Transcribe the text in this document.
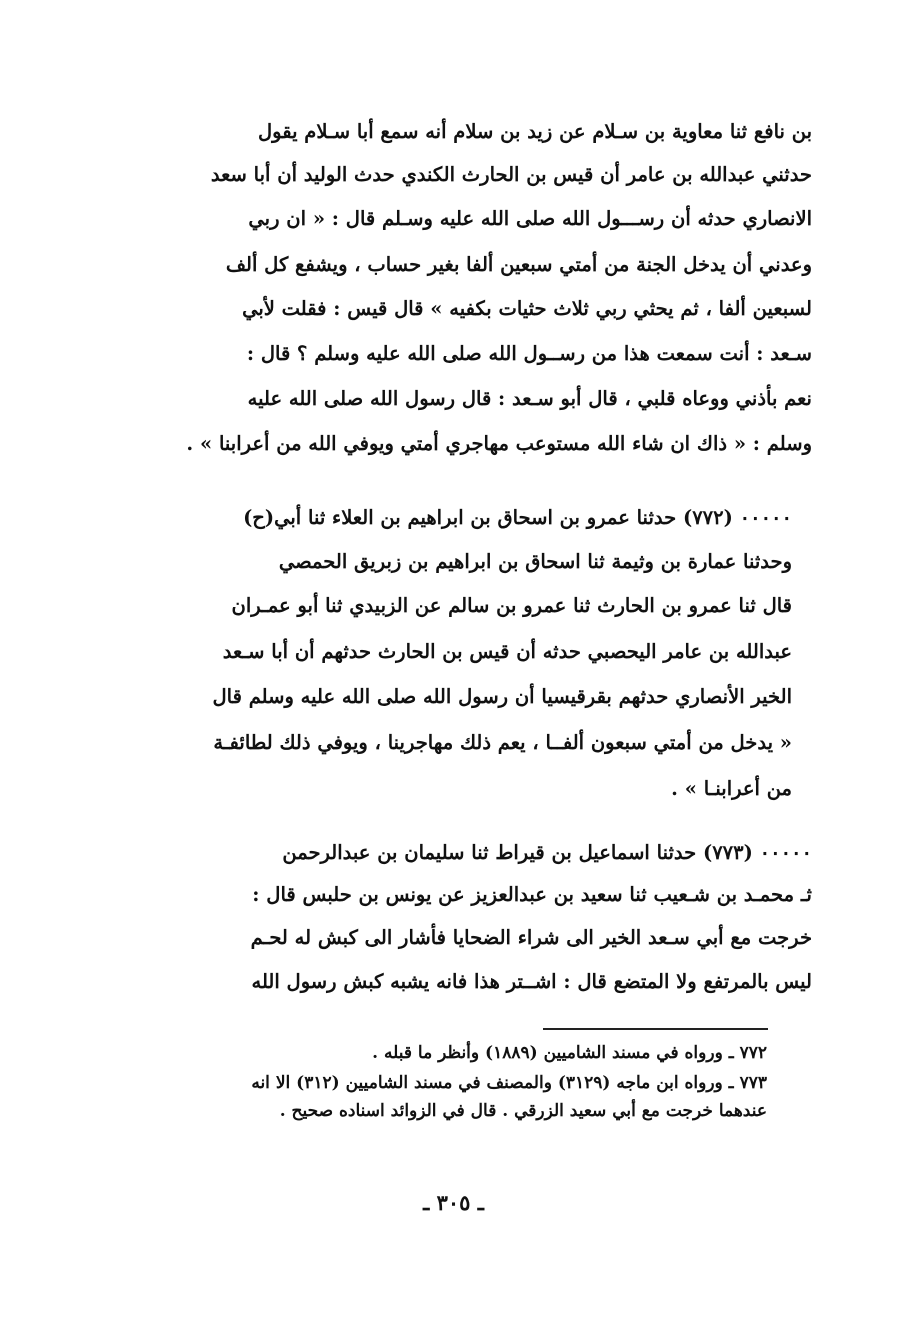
بن نافع ثنا معاوية بن سـلام عن زيد بن سلام أنه سمع أبا سـلام يقول
حدثني عبدالله بن عامر أن قيس بن الحارث الكندي حدث الوليد أن أبا سعد
الانصاري حدثه أن رســـول الله صلى الله عليه وسـلم قال : « ان ربي
وعدني أن يدخل الجنة من أمتي سبعين ألفا بغير حساب ، ويشفع كل ألف
لسبعين ألفا ، ثم يحثي ربي ثلاث حثيات بكفيه » قال قيس : فقلت لأبي
سـعد : أنت سمعت هذا من رســول الله صلى الله عليه وسلم ؟ قال :
نعم بأذني ووعاه قلبي ، قال أبو سـعد : قال رسول الله صلى الله عليه
وسلم : « ذاك ان شاء الله مستوعب مهاجري أمتي ويوفي الله من أعرابنا » .
٠٠٠٠٠ (٧٧٢) حدثنا عمرو بن اسحاق بن ابراهيم بن العلاء ثنا أبي(ح)
وحدثنا عمارة بن وثيمة ثنا اسحاق بن ابراهيم بن زبريق الحمصي
قال ثنا عمرو بن الحارث ثنا عمرو بن سالم عن الزبيدي ثنا أبو عمـران
عبدالله بن عامر اليحصبي حدثه أن قيس بن الحارث حدثهم أن أبا سـعد
الخير الأنصاري حدثهم بقرقيسيا أن رسول الله صلى الله عليه وسلم قال
« يدخل من أمتي سبعون ألفــا ، يعم ذلك مهاجرينا ، ويوفي ذلك لطائفـة
من أعرابنـا » .
٠٠٠٠٠ (٧٧٣) حدثنا اسماعيل بن قيراط ثنا سليمان بن عبدالرحمن
ثـ محمـد بن شـعيب ثنا سعيد بن عبدالعزيز عن يونس بن حلبس قال :
خرجت مع أبي سـعد الخير الى شراء الضحايا فأشار الى كبش له لحـم
ليس بالمرتفع ولا المتضع قال : اشــتر هذا فانه يشبه كبش رسول الله
٧٧٢ ـ ورواه في مسند الشاميين (١٨٨٩) وأنظر ما قبله .
٧٧٣ ـ ورواه ابن ماجه (٣١٢٩) والمصنف في مسند الشاميين (٣١٢) الا انه
عندهما خرجت مع أبي سعيد الزرقي . قال في الزوائد اسناده صحيح .
ـ ٣٠٥ ـ
